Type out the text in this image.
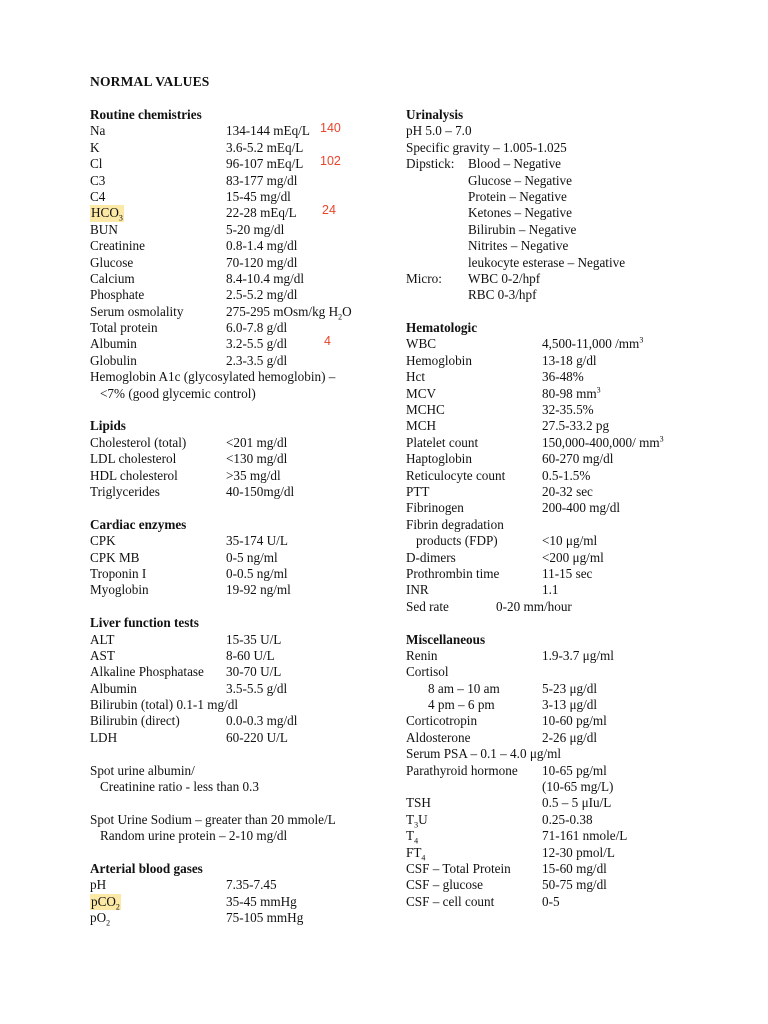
NORMAL VALUES
Routine chemistries
Na	134-144 mEq/L 140
K	3.6-5.2 mEq/L
Cl	96-107 mEq/L 102
C3	83-177 mg/dl
C4	15-45 mg/dl
$HCO_3$	22-28 mEq/L 24
BUN	5-20 mg/dl
Creatinine	0.8-1.4 mg/dl
Glucose	70-120 mg/dl
Calcium	8.4-10.4 mg/dl
Phosphate	2.5-5.2 mg/dl
Serum osmolality	275-295 mOsm/kg $H_2O$
Total protein	6.0-7.8 g/dl
Albumin	3.2-5.5 g/dl	4
Globulin	2.3-3.5 g/dl
Hemoglobin A1c (glycosylated hemoglobin) –
<7% (good glycemic control)
Lipids
Cholesterol (total)	<201 mg/dl
LDL cholesterol	<130 mg/dl
HDL cholesterol	>35 mg/dl
Triglycerides	40-150mg/dl
Cardiac enzymes
CPK	35-174 U/L
CPK MB	0-5 ng/ml
Troponin I	0-0.5 ng/ml
Myoglobin	19-92 ng/ml
Liver function tests
ALT	15-35 U/L
AST	8-60 U/L
Alkaline Phosphatase 30-70 U/L
Albumin	3.5-5.5 g/dl
Bilirubin (total) 0.1-1 mg/dl
Bilirubin (direct)	0.0-0.3 mg/dl
LDH	60-220 U/L
Spot urine albumin/
Creatinine ratio - less than 0.3
Spot Urine Sodium – greater than 20 mmole/L
Random urine protein – 2-10 mg/dl
Arterial blood gases
pH	7.35-7.45
pCO$_2$	35-45 mmHg
$pO_2$	75-105 mmHg
Urinalysis
pH 5.0 – 7.0
Specific gravity – 1.005-1.025
Dipstick: Blood – Negative
Glucose – Negative
Protein – Negative
Ketones – Negative
Bilirubin – Negative
Nitrites – Negative
leukocyte esterase – Negative
Micro: WBC 0-2/hpf
RBC 0-3/hpf
Hematologic
WBC	4,500-11,000 $/mm^3$
Hemoglobin	13-18 g/dl
Hct	36-48%
MCV	80-98 $mm^3$
MCHC	32-35.5%
MCH	27.5-33.2 pg
Platelet count	150,000-400,000/ $mm^3$
Haptoglobin	60-270 mg/dl
Reticulocyte count	0.5-1.5%
PTT	20-32 sec
Fibrinogen	200-400 mg/dl
Fibrin degradation
products (FDP)	<10 μg/ml
D-dimers	<200 μg/ml
Prothrombin time	11-15 sec
INR	1.1
Sed rate	0-20 mm/hour
Miscellaneous
Renin	1.9-3.7 μg/ml
Cortisol
8 am – 10 am	5-23 μg/dl
4 pm – 6 pm	3-13 μg/dl
Corticotropin	10-60 pg/ml
Aldosterone	2-26 μg/dl
Serum PSA – 0.1 – 4.0 μg/ml
Parathyroid hormone 10-65 pg/ml
(10-65 mg/L)
TSH	0.5 – 5 μIu/L
$T_3U$	0.25-0.38
$T_4$	71-161 nmole/L
$FT_4$	12-30 pmol/L
CSF – Total Protein 15-60 mg/dl
CSF – glucose	50-75 mg/dl
CSF – cell count	0-5
